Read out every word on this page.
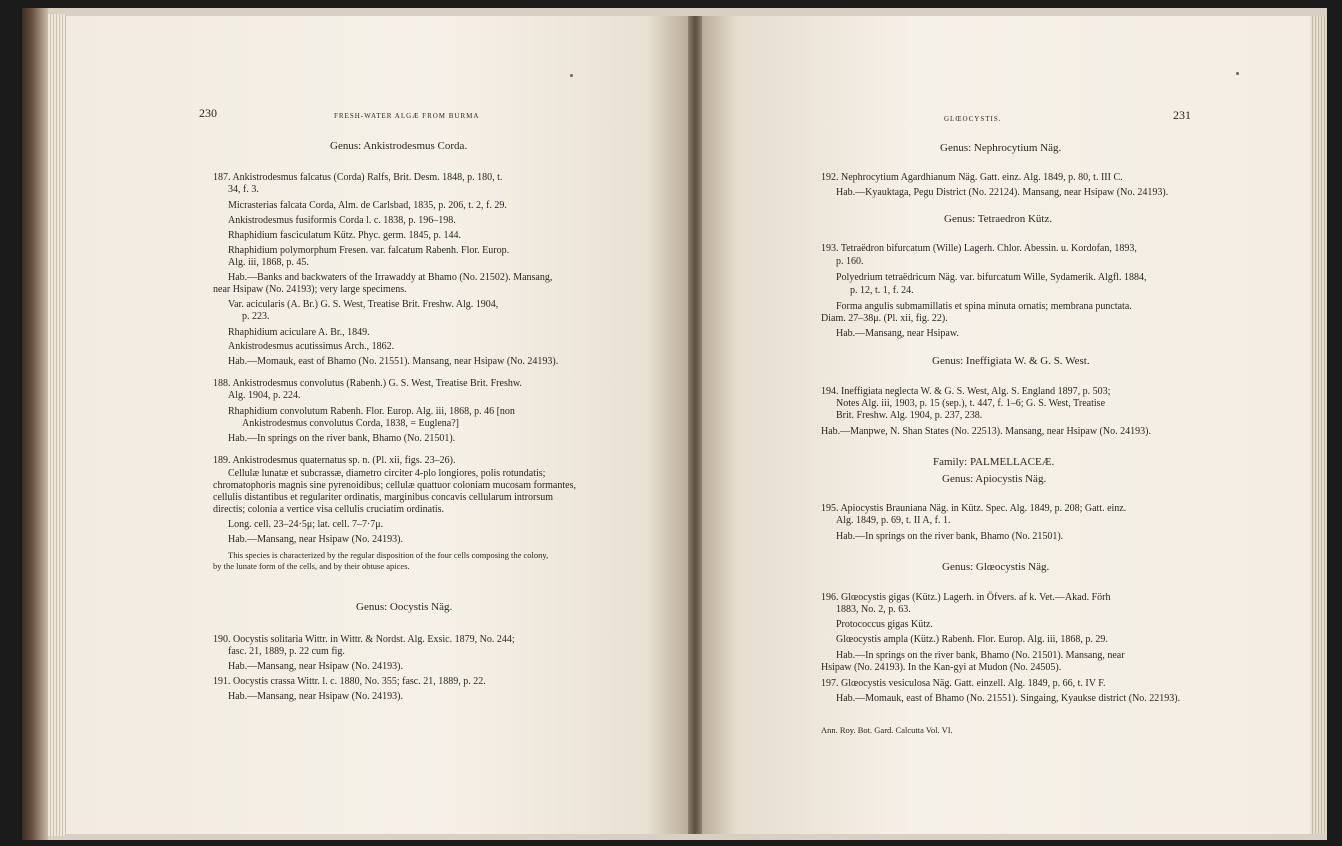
230	FRESH-WATER ALGÆ FROM BURMA
Genus: Ankistrodesmus Corda.
187. Ankistrodesmus falcatus (Corda) Ralfs, Brit. Desm. 1848, p. 180, t.
34, f. 3.
Micrasterias falcata Corda, Alm. de Carlsbad, 1835, p. 206, t. 2, f. 29.
Ankistrodesmus fusiformis Corda l. c. 1838, p. 196–198.
Rhaphidium fasciculatum Kütz. Phyc. germ. 1845, p. 144.
Rhaphidium polymorphum Fresen. var. falcatum Rabenh. Flor. Europ.
Alg. iii, 1868, p. 45.
Hab.—Banks and backwaters of the Irrawaddy at Bhamo (No. 21502). Mansang,
near Hsipaw (No. 24193); very large specimens.
Var. acicularis (A. Br.) G. S. West, Treatise Brit. Freshw. Alg. 1904,
p. 223.
Rhaphidium aciculare A. Br., 1849.
Ankistrodesmus acutissimus Arch., 1862.
Hab.—Momauk, east of Bhamo (No. 21551). Mansang, near Hsipaw (No. 24193).
188. Ankistrodesmus convolutus (Rabenh.) G. S. West, Treatise Brit. Freshw.
Alg. 1904, p. 224.
Rhaphidium convolutum Rabenh. Flor. Europ. Alg. iii, 1868, p. 46 [non
Ankistrodesmus convolutus Corda, 1838, = Euglena?]
Hab.—In springs on the river bank, Bhamo (No. 21501).
189. Ankistrodesmus quaternatus sp. n. (Pl. xii, figs. 23–26).
Cellulæ lunatæ et subcrassæ, diametro circiter 4-plo longiores, polis rotundatis;
chromatophoris magnis sine pyrenoidibus; cellulæ quattuor coloniam mucosam formantes,
cellulis distantibus et regulariter ordinatis, marginibus concavis cellularum introrsum
directis; colonia a vertice visa cellulis cruciatim ordinatis.
Long. cell. 23–24·5μ; lat. cell. 7–7·7μ.
Hab.—Mansang, near Hsipaw (No. 24193).
This species is characterized by the regular disposition of the four cells composing the colony,
by the lunate form of the cells, and by their obtuse apices.
Genus: Oocystis Näg.
190. Oocystis solitaria Wittr. in Wittr. & Nordst. Alg. Exsic. 1879, No. 244;
fasc. 21, 1889, p. 22 cum fig.
Hab.—Mansang, near Hsipaw (No. 24193).
191. Oocystis crassa Wittr. l. c. 1880, No. 355; fasc. 21, 1889, p. 22.
Hab.—Mansang, near Hsipaw (No. 24193).
GLŒOCYSTIS.	231
Genus: Nephrocytium Näg.
192. Nephrocytium Agardhianum Näg. Gatt. einz. Alg. 1849, p. 80, t. III C.
Hab.—Kyauktaga, Pegu District (No. 22124). Mansang, near Hsipaw (No. 24193).
Genus: Tetraedron Kütz.
193. Tetraëdron bifurcatum (Wille) Lagerh. Chlor. Abessin. u. Kordofan, 1893,
p. 160.
Polyedrium tetraëdricum Näg. var. bifurcatum Wille, Sydamerik. Algfl. 1884,
p. 12, t. 1, f. 24.
Forma angulis submamillatis et spina minuta ornatis; membrana punctata.
Diam. 27–38μ. (Pl. xii, fig. 22).
Hab.—Mansang, near Hsipaw.
Genus: Ineffigiata W. & G. S. West.
194. Ineffigiata neglecta W. & G. S. West, Alg. S. England 1897, p. 503;
Notes Alg. iii, 1903, p. 15 (sep.), t. 447, f. 1–6; G. S. West, Treatise
Brit. Freshw. Alg. 1904, p. 237, 238.
Hab.—Manpwe, N. Shan States (No. 22513). Mansang, near Hsipaw (No. 24193).
Family: PALMELLACEÆ.
Genus: Apiocystis Näg.
195. Apiocystis Brauniana Näg. in Kütz. Spec. Alg. 1849, p. 208; Gatt. einz.
Alg. 1849, p. 69, t. II A, f. 1.
Hab.—In springs on the river bank, Bhamo (No. 21501).
Genus: Glœocystis Näg.
196. Glœocystis gigas (Kütz.) Lagerh. in Öfvers. af k. Vet.—Akad. Förh
1883, No. 2, p. 63.
Protococcus gigas Kütz.
Glœocystis ampla (Kütz.) Rabenh. Flor. Europ. Alg. iii, 1868, p. 29.
Hab.—In springs on the river bank, Bhamo (No. 21501). Mansang, near
Hsipaw (No. 24193). In the Kan-gyi at Mudon (No. 24505).
197. Glœocystis vesiculosa Näg. Gatt. einzell. Alg. 1849, p. 66, t. IV F.
Hab.—Momauk, east of Bhamo (No. 21551). Singaing, Kyaukse district (No. 22193).
Ann. Roy. Bot. Gard. Calcutta Vol. VI.
